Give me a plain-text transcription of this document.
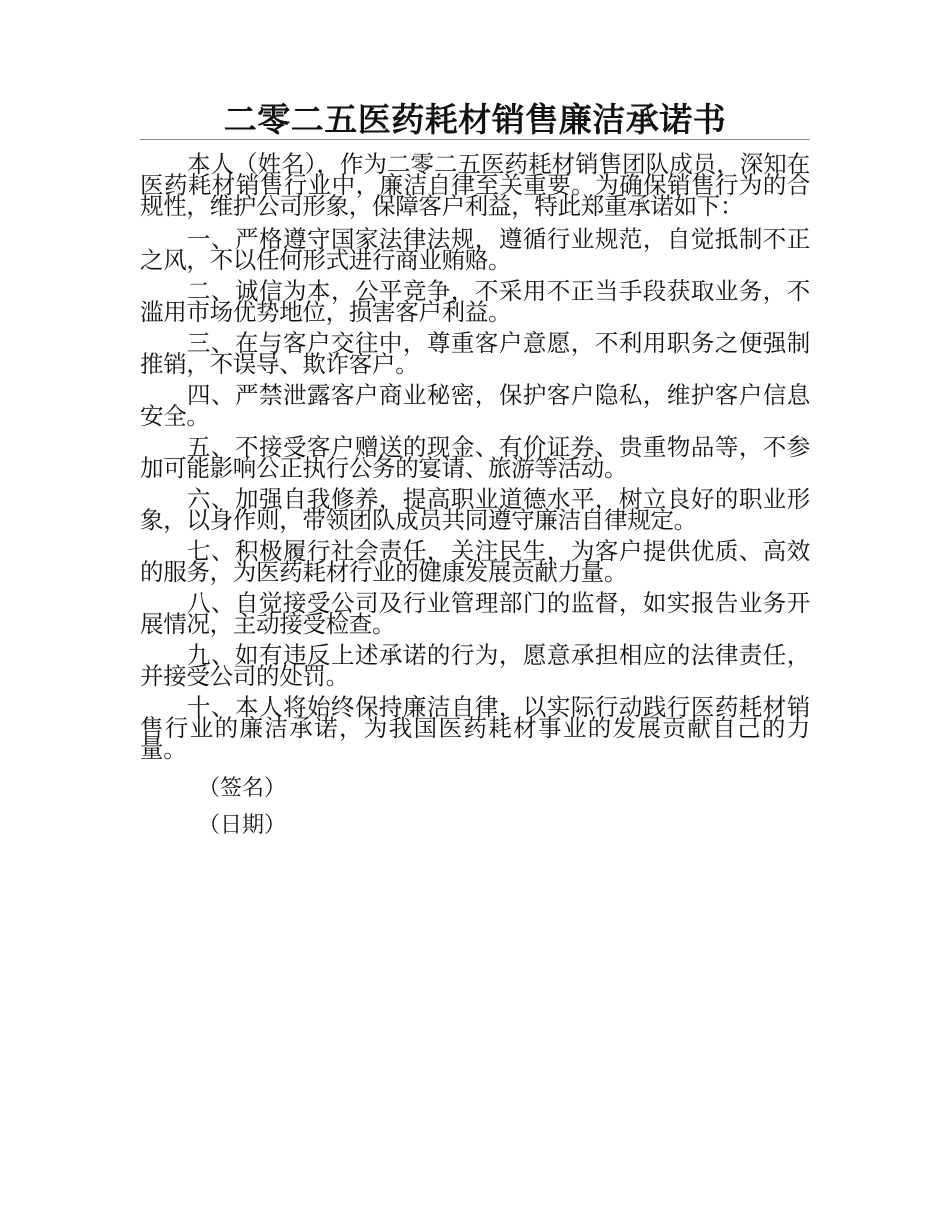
二零二五医药耗材销售廉洁承诺书

本人（姓名），作为二零二五医药耗材销售团队成员，深知在医药耗材销售行业中，廉洁自律至关重要。为确保销售行为的合规性，维护公司形象，保障客户利益，特此郑重承诺如下：

一、严格遵守国家法律法规，遵循行业规范，自觉抵制不正之风，不以任何形式进行商业贿赂。

二、诚信为本，公平竞争，不采用不正当手段获取业务，不滥用市场优势地位，损害客户利益。

三、在与客户交往中，尊重客户意愿，不利用职务之便强制推销，不误导、欺诈客户。

四、严禁泄露客户商业秘密，保护客户隐私，维护客户信息安全。

五、不接受客户赠送的现金、有价证券、贵重物品等，不参加可能影响公正执行公务的宴请、旅游等活动。

六、加强自我修养，提高职业道德水平，树立良好的职业形象，以身作则，带领团队成员共同遵守廉洁自律规定。

七、积极履行社会责任，关注民生，为客户提供优质、高效的服务，为医药耗材行业的健康发展贡献力量。

八、自觉接受公司及行业管理部门的监督，如实报告业务开展情况，主动接受检查。

九、如有违反上述承诺的行为，愿意承担相应的法律责任，并接受公司的处罚。

十、本人将始终保持廉洁自律，以实际行动践行医药耗材销售行业的廉洁承诺，为我国医药耗材事业的发展贡献自己的力量。

（签名）

（日期）
